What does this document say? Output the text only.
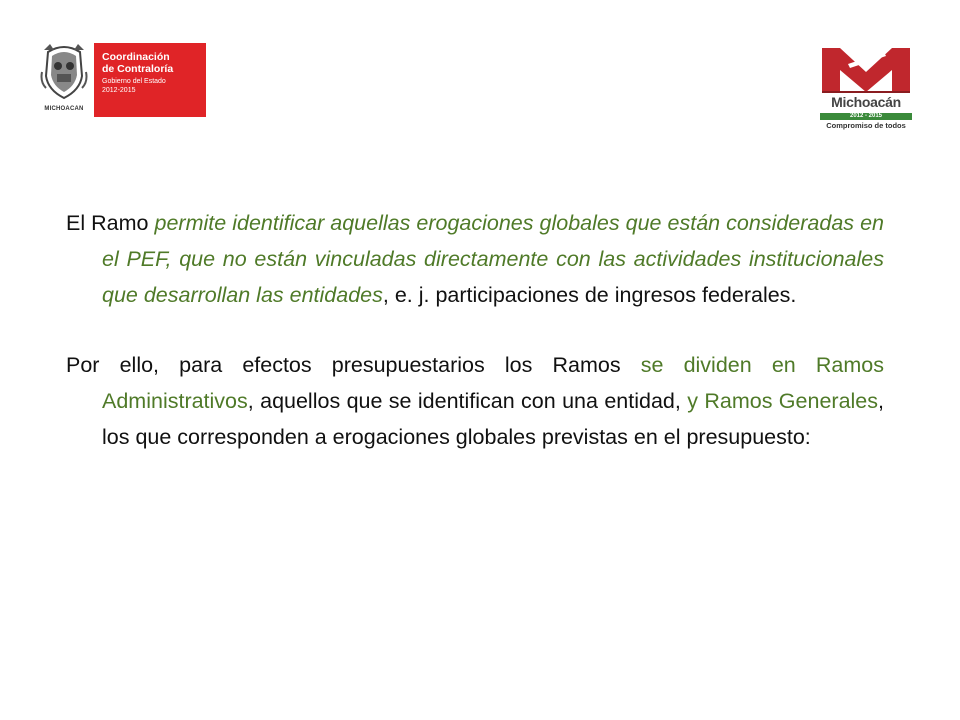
MICHOACAN
Coordinación
de Contraloría
Gobierno del Estado
2012-2015
Michoacán
2012 - 2015
Compromiso de todos

El Ramo permite identificar aquellas erogaciones globales que están consideradas en el PEF, que no están vinculadas directamente con las actividades institucionales que desarrollan las entidades, e. j. participaciones de ingresos federales.

Por ello, para efectos presupuestarios los Ramos se dividen en Ramos Administrativos, aquellos que se identifican con una entidad, y Ramos Generales, los que corresponden a erogaciones globales previstas en el presupuesto:
